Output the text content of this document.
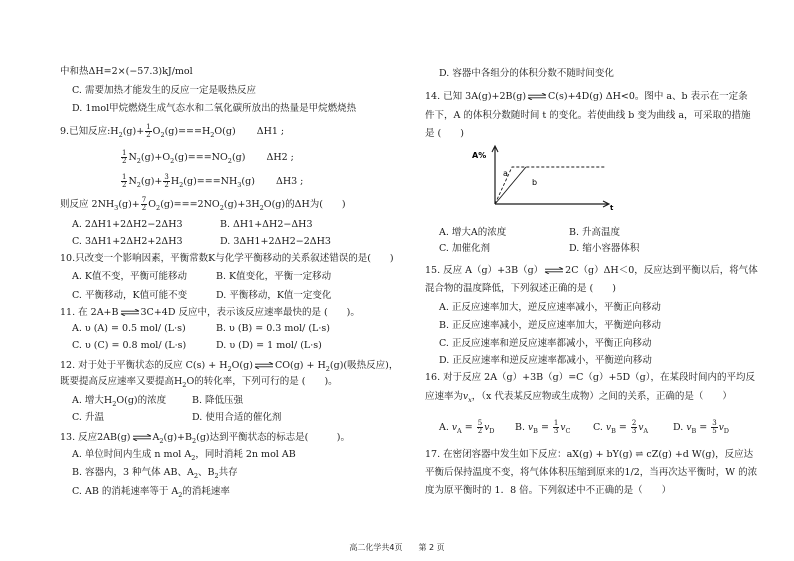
中和热ΔH=2×(−57.3)kJ/mol
C. 需要加热才能发生的反应一定是吸热反应
D. 1mol甲烷燃烧生成气态水和二氧化碳所放出的热量是甲烷燃烧热
9.已知反应$:H_2(g)+ \frac{1}{2} O_2(g)===H_2O(g)$ ΔH1 ;
$\frac{1}{2} N_2(g)+O_2(g)===NO_2(g)$ ΔH2 ;
$\frac{1}{2} N_2(g)+ \frac{3}{2} H_2(g)===NH_3(g)$ ΔH3 ;
则反应 $2NH_3(g)+ \frac{7}{2} O_2(g)===2NO_2(g)+3H_2O(g)$的ΔH为(　　)
A. 2ΔH1+2ΔH2−2ΔH3	B. ΔH1+ΔH2−ΔH3
C. 3ΔH1+2ΔH2+2ΔH3	D. 3ΔH1+2ΔH2−2ΔH3
10.只改变一个影响因素，平衡常数K与化学平衡移动的关系叙述错误的是(　　)
A. K值不变，平衡可能移动	B. K值变化，平衡一定移动
C. 平衡移动，K值可能不变	D. 平衡移动，K值一定变化
11. 在 2A+B⇌3C+4D 反应中，表示该反应速率最快的是 (　　)。
A. υ (A) = 0.5 mol/ (L·s)	B. υ (B) = 0.3 mol/ (L·s)
C. υ (C) = 0.8 mol/ (L·s)	D. υ (D) = 1 mol/ (L·s)
12. 对于处于平衡状态的反应 $C(s) + H_2O(g)\rightleftharpoons CO(g) + H_2(g)$(吸热反应)，
既要提高反应速率又要提高$H_2O$的转化率，下列可行的是 (　　)。
A. 增大$H_2O(g)$的浓度	B. 降低压强
C. 升温	D. 使用合适的催化剂
13. 反应$2AB(g)\rightleftharpoons A_2(g)+B_2(g)$达到平衡状态的标志是(　　　)。
A. 单位时间内生成 n mol $A_2$，同时消耗 2n mol AB
B. 容器内，3 种气体 AB、$A_2$、$B_2$共存
C. AB 的消耗速率等于 $A_2$的消耗速率
D. 容器中各组分的体积分数不随时间变化
14. 已知 3A(g)+2B(g)⇌C(s)+4D(g) ΔH<0。图中 a、b 表示在一定条
件下，A 的体积分数随时间 t 的变化。若使曲线 b 变为曲线 a，可采取的措施
是 (　　)
A%
a
b
t
A. 增大A的浓度	B. 升高温度
C. 加催化剂	D. 缩小容器体积
15. 反应 A（g）+3B（g）⇌2C（g）ΔH＜0，反应达到平衡以后，将气体
混合物的温度降低，下列叙述正确的是 (　　)
A. 正反应速率加大，逆反应速率减小，平衡正向移动
B. 正反应速率减小，逆反应速率加大，平衡逆向移动
C. 正反应速率和逆反应速率都减小，平衡正向移动
D. 正反应速率和逆反应速率都减小，平衡逆向移动
16. 对于反应 2A（g）+3B（g）=C（g）+5D（g），在某段时间内的平均反
应速率为$v_x$，（x 代表某反应物或生成物）之间的关系，正确的是（　　）
A. $v_A = \frac{5}{2} v_D$ B. $v_B = \frac{1}{3} v_C$ C. $v_B = \frac{2}{3} v_A$	D. $v_B = \frac{3}{5} v_D$
17. 在密闭容器中发生如下反应：aX(g) + bY(g) ⇌ cZ(g) +d W(g)，反应达
平衡后保持温度不变，将气体体积压缩到原来的1/2，当再次达平衡时，W 的浓
度为原平衡时的 1．8 倍。下列叙述中不正确的是（　　）
高二化学共4页　　第 2 页
